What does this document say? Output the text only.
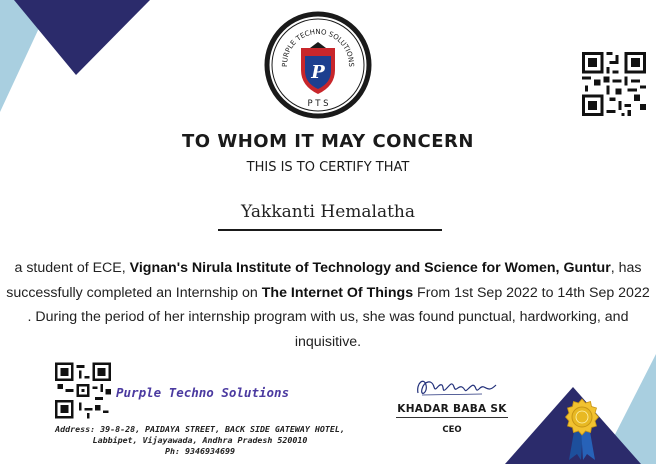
PURPLE TECHNO SOLUTIONS
P
P T S
TO WHOM IT MAY CONCERN
THIS IS TO CERTIFY THAT
Yakkanti Hemalatha
a student of ECE, Vignan's Nirula Institute of Technology and Science for Women, Guntur, has successfully completed an Internship on The Internet Of Things From 1st Sep 2022 to 14th Sep 2022 . During the period of her internship program with us, she was found punctual, hardworking, and inquisitive.
Purple Techno Solutions
Address: 39-8-28, PAIDAYA STREET, BACK SIDE GATEWAY HOTEL,
Labbipet, Vijayawada, Andhra Pradesh 520010
Ph: 9346934699
KHADAR BABA SK
CEO
